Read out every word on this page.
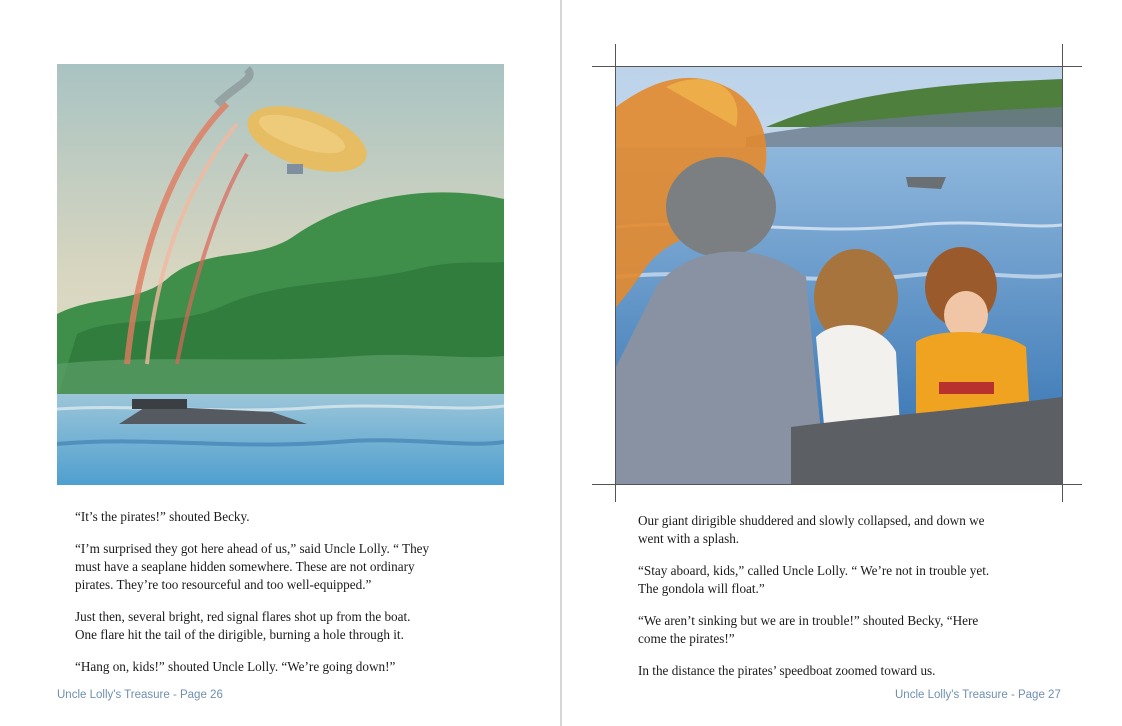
“It’s the pirates!” shouted Becky.

“I’m surprised they got here ahead of us,” said Uncle Lolly. “ They
must have a seaplane hidden somewhere. These are not ordinary
pirates. They’re too resourceful and too well-equipped.”

Just then, several bright, red signal flares shot up from the boat.
One flare hit the tail of the dirigible, burning a hole through it.

“Hang on, kids!” shouted Uncle Lolly. “We’re going down!”

Uncle Lolly's Treasure - Page 26

Our giant dirigible shuddered and slowly collapsed, and down we
went with a splash.

“Stay aboard, kids,” called Uncle Lolly. “ We’re not in trouble yet.
The gondola will float.”

“We aren’t sinking but we are in trouble!” shouted Becky, “Here
come the pirates!”

In the distance the pirates’ speedboat zoomed toward us.

Uncle Lolly's Treasure - Page 27
